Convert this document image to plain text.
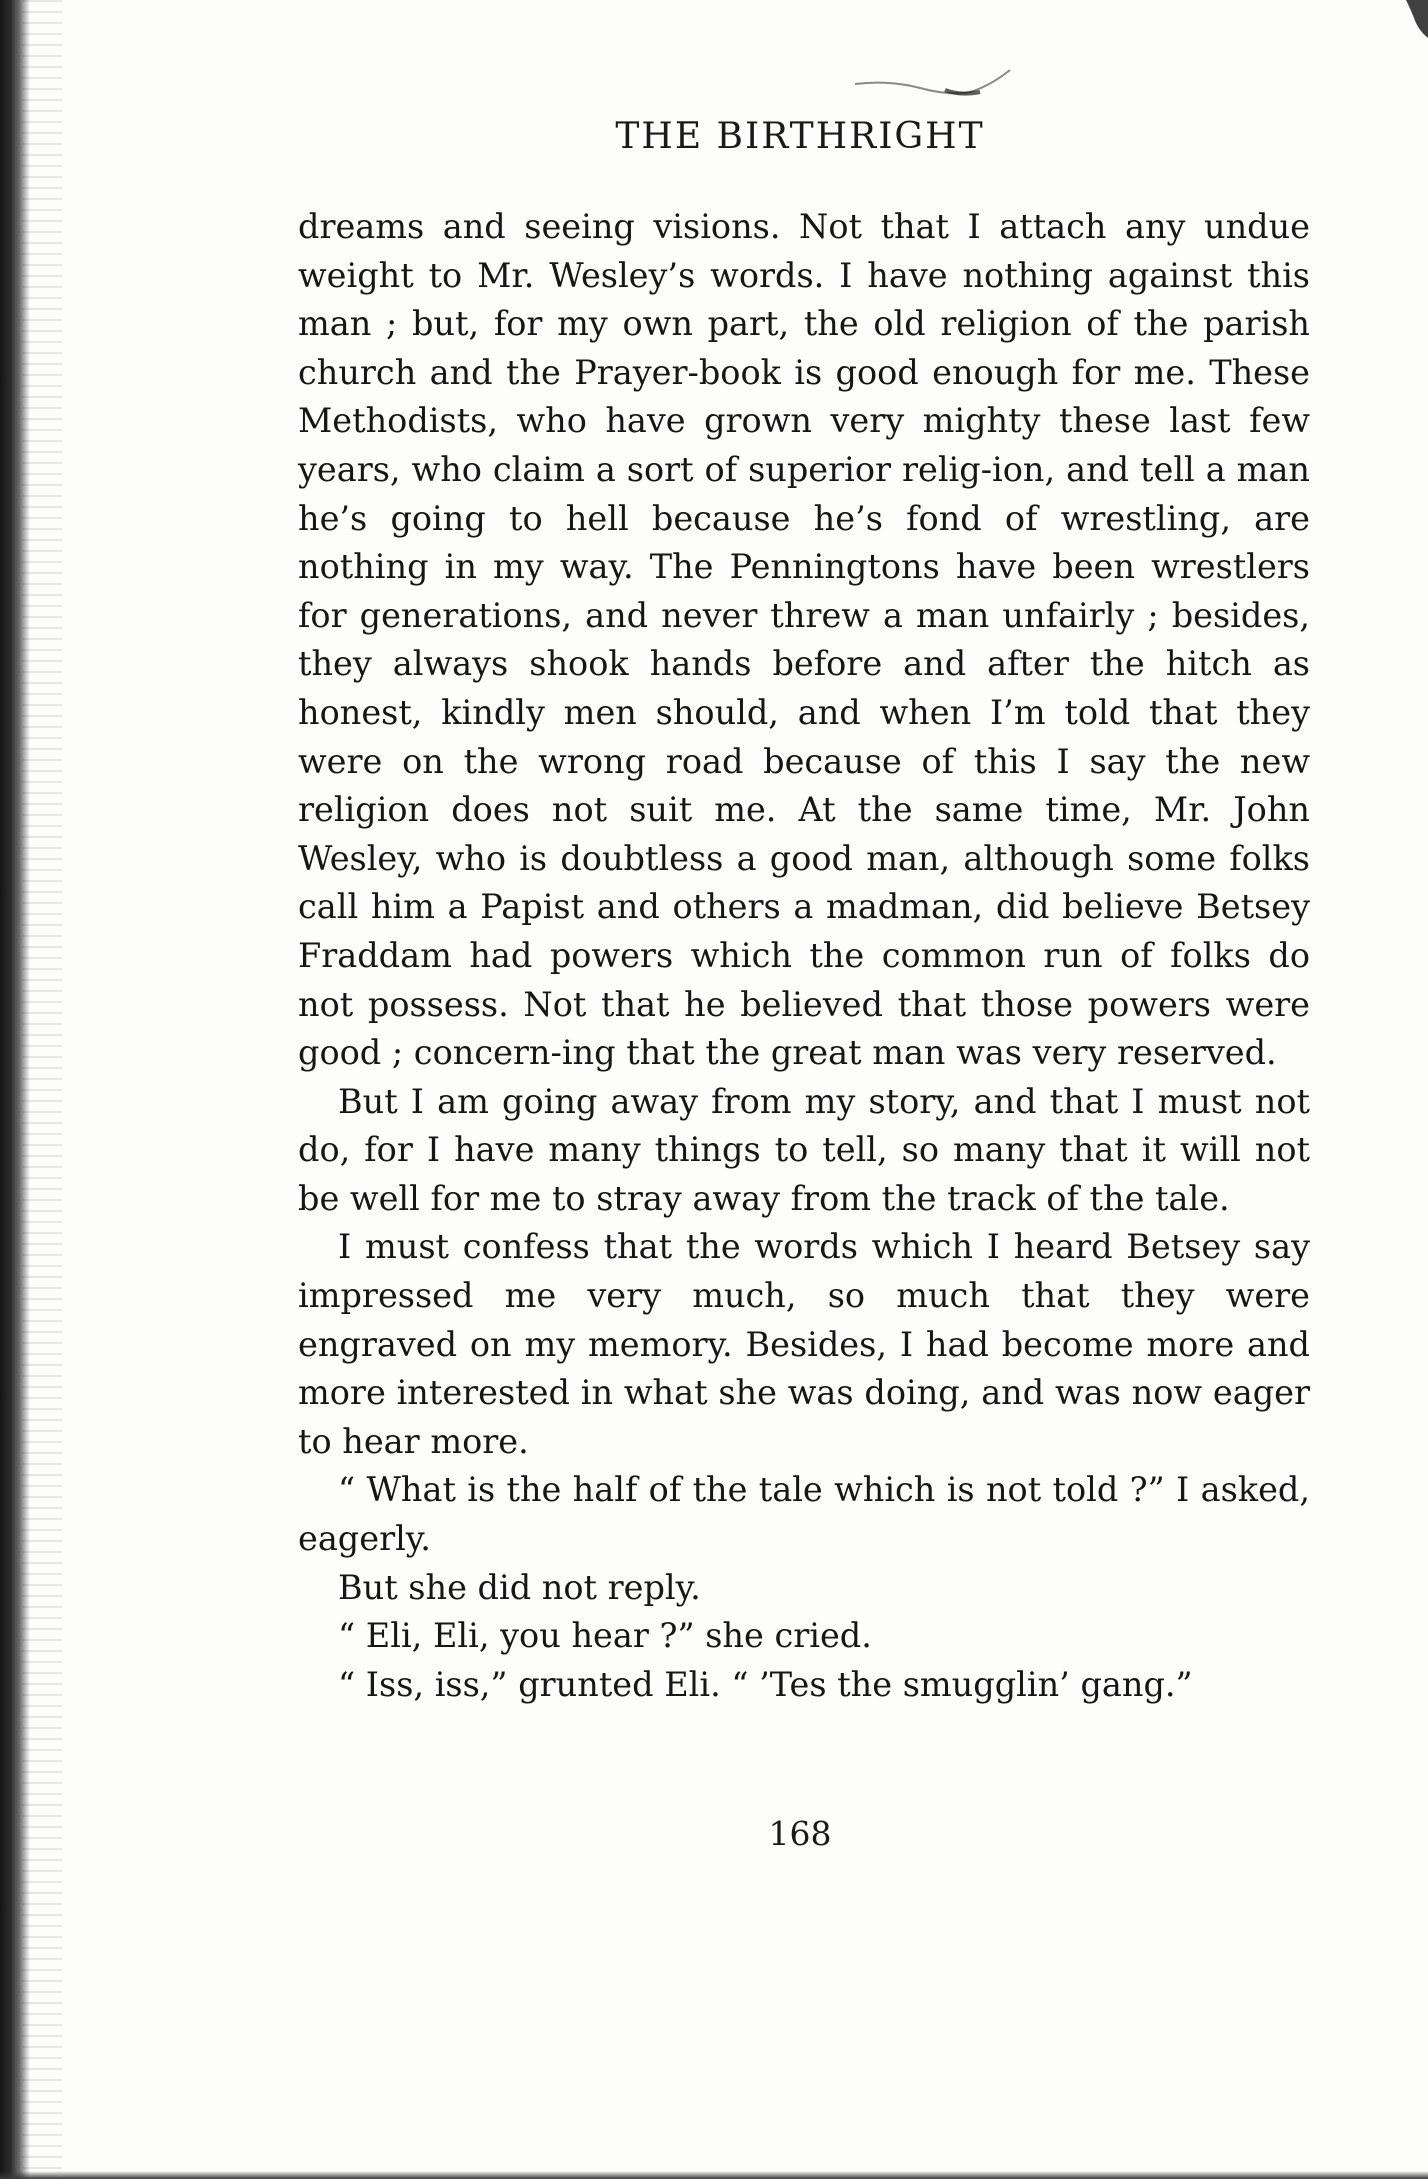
THE BIRTHRIGHT

dreams and seeing visions. Not that I attach any undue weight to Mr. Wesley’s words. I have nothing against this man ; but, for my own part, the old religion of the parish church and the Prayer-book is good enough for me. These Methodists, who have grown very mighty these last few years, who claim a sort of superior relig-ion, and tell a man he’s going to hell because he’s fond of wrestling, are nothing in my way. The Penningtons have been wrestlers for generations, and never threw a man unfairly ; besides, they always shook hands before and after the hitch as honest, kindly men should, and when I’m told that they were on the wrong road because of this I say the new religion does not suit me. At the same time, Mr. John Wesley, who is doubtless a good man, although some folks call him a Papist and others a madman, did believe Betsey Fraddam had powers which the common run of folks do not possess. Not that he believed that those powers were good ; concern-ing that the great man was very reserved.

But I am going away from my story, and that I must not do, for I have many things to tell, so many that it will not be well for me to stray away from the track of the tale.

I must confess that the words which I heard Betsey say impressed me very much, so much that they were engraved on my memory. Besides, I had become more and more interested in what she was doing, and was now eager to hear more.

“ What is the half of the tale which is not told ?” I asked, eagerly.

But she did not reply.

“ Eli, Eli, you hear ?” she cried.

“ Iss, iss,” grunted Eli. “ ’Tes the smugglin’ gang.”

168
